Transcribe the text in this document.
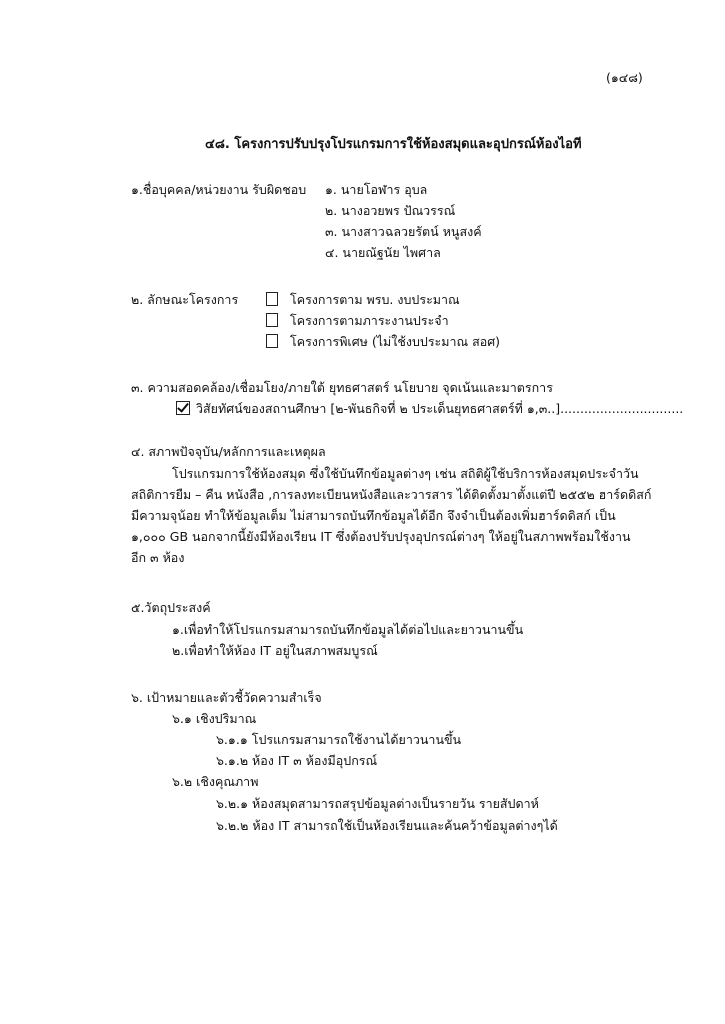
(๑๔๘)
๔๘. โครงการปรับปรุงโปรแกรมการใช้ห้องสมุดและอุปกรณ์ห้องไอที
๑.ชื่อบุคคล/หน่วยงาน รับผิดชอบ ๑. นายโอฬาร อุบล
๒. นางอวยพร ปัณวรรณ์
๓. นางสาวฉลวยรัตน์ หนูสงค์
๔. นายณัฐนัย ไพศาล
๒. ลักษณะโครงการ	โครงการตาม พรบ. งบประมาณ
โครงการตามภาระงานประจำ
โครงการพิเศษ (ไม่ใช้งบประมาณ สอศ)
๓. ความสอดคล้อง/เชื่อมโยง/ภายใต้ ยุทธศาสตร์ นโยบาย จุดเน้นและมาตรการ
วิสัยทัศน์ของสถานศึกษา [๒-พันธกิจที่ ๒ ประเด็นยุทธศาสตร์ที่ ๑,๓..]...............................
๔. สภาพปัจจุบัน/หลักการและเหตุผล
โปรแกรมการใช้ห้องสมุด ซึ่งใช้บันทึกข้อมูลต่างๆ เช่น สถิติผู้ใช้บริการห้องสมุดประจำวัน
สถิติการยืม – คืน หนังสือ ,การลงทะเบียนหนังสือและวารสาร ได้ติดตั้งมาตั้งแต่ปี ๒๕๕๒ ฮาร์ดดิสก์
มีความจุน้อย ทำให้ข้อมูลเต็ม ไม่สามารถบันทึกข้อมูลได้อีก จึงจำเป็นต้องเพิ่มฮาร์ดดิสก์ เป็น
๑,๐๐๐ GB นอกจากนี้ยังมีห้องเรียน IT ซึ่งต้องปรับปรุงอุปกรณ์ต่างๆ ให้อยู่ในสภาพพร้อมใช้งาน
อีก ๓ ห้อง
๕.วัตถุประสงค์
๑.เพื่อทำให้โปรแกรมสามารถบันทึกข้อมูลได้ต่อไปและยาวนานขึ้น
๒.เพื่อทำให้ห้อง IT อยู่ในสภาพสมบูรณ์
๖. เป้าหมายและตัวชี้วัดความสำเร็จ
๖.๑ เชิงปริมาณ
๖.๑.๑ โปรแกรมสามารถใช้งานได้ยาวนานขึ้น
๖.๑.๒ ห้อง IT ๓ ห้องมีอุปกรณ์
๖.๒ เชิงคุณภาพ
๖.๒.๑ ห้องสมุดสามารถสรุปข้อมูลต่างเป็นรายวัน รายสัปดาห์
๖.๒.๒ ห้อง IT สามารถใช้เป็นห้องเรียนและค้นคว้าข้อมูลต่างๆได้
